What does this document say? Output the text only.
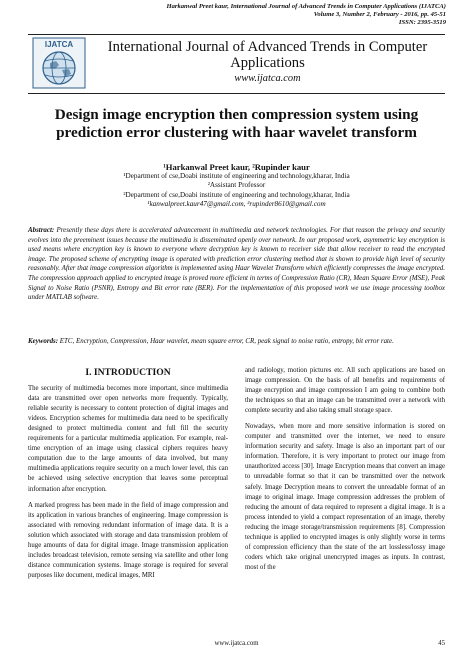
Harkanwal Preet kaur, International Journal of Advanced Trends in Computer Applications (IJATCA)
Volume 3, Number 2, February - 2016, pp. 45-51
ISSN: 2395-3519
IJATCA	International Journal of Advanced Trends in Computer Applications
www.ijatca.com
Design image encryption then compression system using prediction error clustering with haar wavelet transform
¹Harkanwal Preet kaur, ²Rupinder kaur
¹Department of cse,Doabi institute of engineering and technology,kharar, India
²Assistant Professor
²Department of cse,Doabi institute of engineering and technology,kharar, India
¹kanwalpreet.kaur47@gmail.com, ²rupinder8610@gmail.com
Abstract: Presently these days there is accelerated advancement in multimedia and network technologies. For that reason the privacy and security evolves into the preeminent issues because the multimedia is disseminated openly over network. In our proposed work, asymmetric key encryption is used means where encryption key is known to everyone where decryption key is known to receiver side that allow receiver to read the encrypted image. The proposed scheme of encrypting image is operated with prediction error clustering method that is shown to provide high level of security reasonably. After that image compression algorithm is implemented using Haar Wavelet Transform which efficiently compresses the image encrypted. The compression approach applied to encrypted image is proved more efficient in terms of Compression Ratio (CR), Mean Square Error (MSE), Peak Signal to Noise Ratio (PSNR), Entropy and Bit error rate (BER). For the implementation of this proposed work we use image processing toolbox under MATLAB software.
Keywords: ETC, Encryption, Compression, Haar wavelet, mean square error, CR, peak signal to noise ratio, entropy, bit error rate.
I. INTRODUCTION

The security of multimedia becomes more important, since multimedia data are transmitted over open networks more frequently. Typically, reliable security is necessary to content protection of digital images and videos. Encryption schemes for multimedia data need to be specifically designed to protect multimedia content and full fill the security requirements for a particular multimedia application. For example, real-time encryption of an image using classical ciphers requires heavy computation due to the large amounts of data involved, but many multimedia applications require security on a much lower level, this can be achieved using selective encryption that leaves some perceptual information after encryption.

A marked progress has been made in the field of image compression and its application in various branches of engineering. Image compression is associated with removing redundant information of image data. It is a solution which associated with storage and data transmission problem of huge amounts of data for digital image. Image transmission application includes broadcast television, remote sensing via satellite and other long distance communication systems. Image storage is required for several purposes like document, medical images, MRI

and radiology, motion pictures etc. All such applications are based on image compression. On the basis of all benefits and requirements of image encryption and image compression I am going to combine both the techniques so that an image can be transmitted over a network with complete security and also taking small storage space.

Nowadays, when more and more sensitive information is stored on computer and transmitted over the internet, we need to ensure information security and safety. Image is also an important part of our information. Therefore, it is very important to protect our image from unauthorized access [30]. Image Encryption means that convert an image to unreadable format so that it can be transmitted over the network safely. Image Decryption means to convert the unreadable format of an image to original image. Image compression addresses the problem of reducing the amount of data required to represent a digital image. It is a process intended to yield a compact representation of an image, thereby reducing the image storage/transmission requirements [8]. Compression technique is applied to encrypted images is only slightly worse in terms of compression efficiency than the state of the art lossless/lossy image coders which take original unencrypted images as inputs. In contrast, most of the

www.ijatca.com	45
